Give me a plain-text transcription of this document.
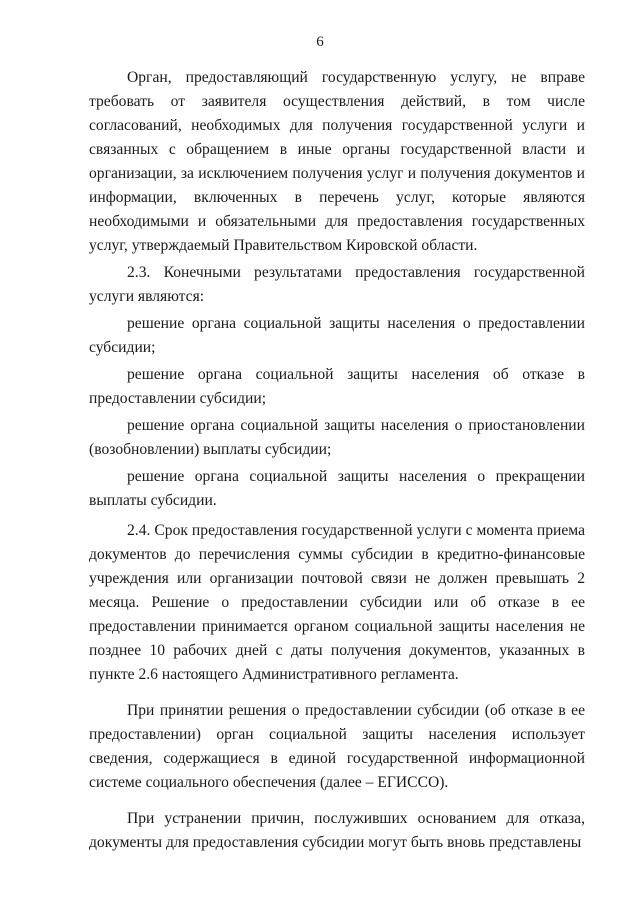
6

Орган, предоставляющий государственную услугу, не вправе требовать от заявителя осуществления действий, в том числе согласований, необходимых для получения государственной услуги и связанных с обращением в иные органы государственной власти и организации, за исключением получения услуг и получения документов и информации, включенных в перечень услуг, которые являются необходимыми и обязательными для предоставления государственных услуг, утверждаемый Правительством Кировской области.

2.3. Конечными результатами предоставления государственной услуги являются:

решение органа социальной защиты населения о предоставлении субсидии;

решение органа социальной защиты населения об отказе в предоставлении субсидии;

решение органа социальной защиты населения о приостановлении (возобновлении) выплаты субсидии;

решение органа социальной защиты населения о прекращении выплаты субсидии.

2.4. Срок предоставления государственной услуги с момента приема документов до перечисления суммы субсидии в кредитно-финансовые учреждения или организации почтовой связи не должен превышать 2 месяца. Решение о предоставлении субсидии или об отказе в ее предоставлении принимается органом социальной защиты населения не позднее 10 рабочих дней с даты получения документов, указанных в пункте 2.6 настоящего Административного регламента.

При принятии решения о предоставлении субсидии (об отказе в ее предоставлении) орган социальной защиты населения использует сведения, содержащиеся в единой государственной информационной системе социального обеспечения (далее – ЕГИССО).

При устранении причин, послуживших основанием для отказа, документы для предоставления субсидии могут быть вновь представлены
